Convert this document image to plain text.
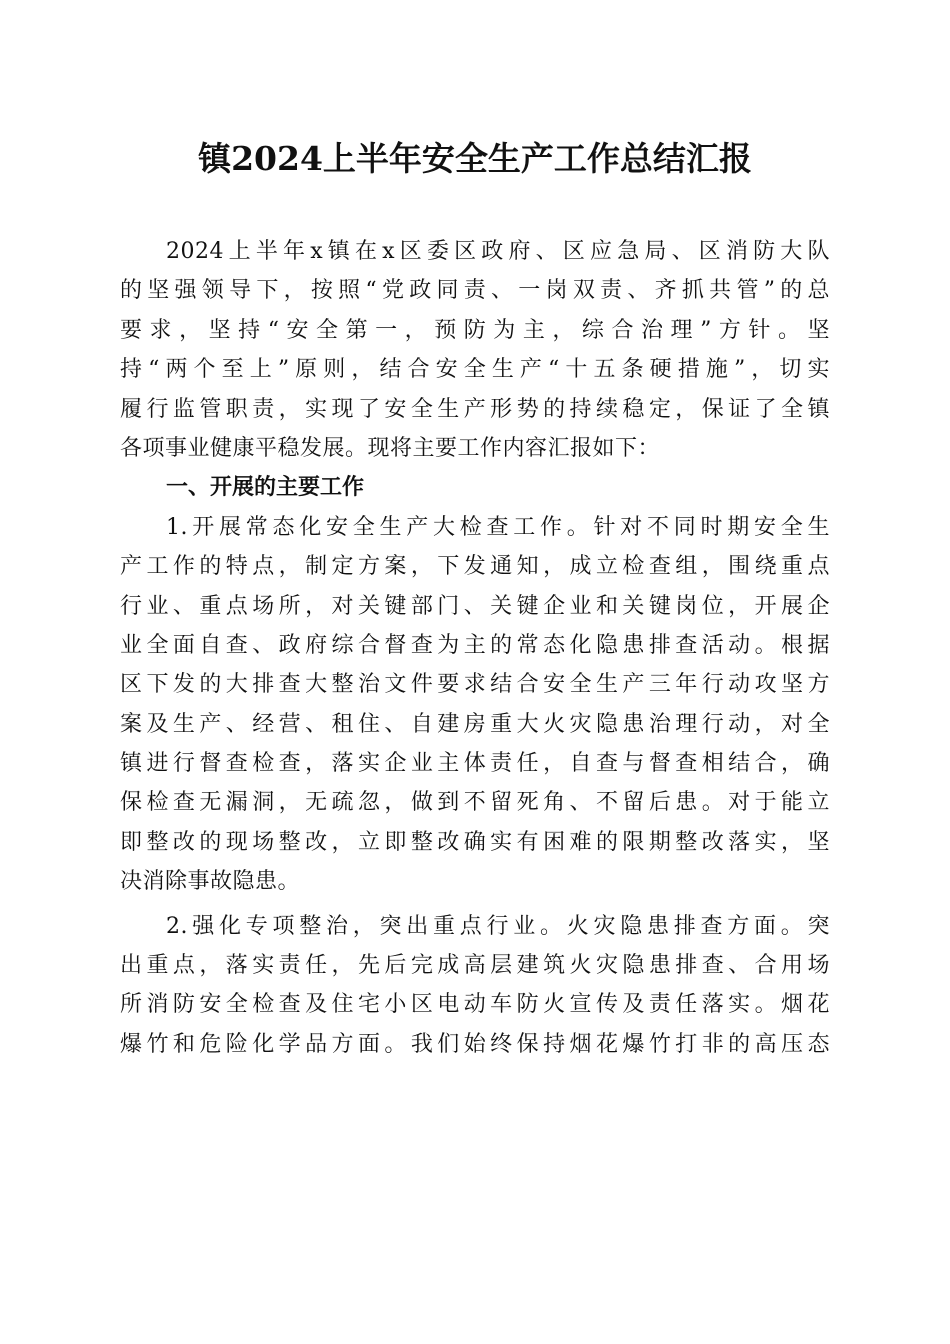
镇2024上半年安全生产工作总结汇报
2024上半年x镇在x区委区政府、区应急局、区消防大队
的坚强领导下，按照“党政同责、一岗双责、齐抓共管”的总
要求，坚持“安全第一，预防为主，综合治理”方针。坚
持“两个至上”原则，结合安全生产“十五条硬措施”，切实
履行监管职责，实现了安全生产形势的持续稳定，保证了全镇
各项事业健康平稳发展。现将主要工作内容汇报如下：
一、开展的主要工作
1.开展常态化安全生产大检查工作。针对不同时期安全生
产工作的特点，制定方案，下发通知，成立检查组，围绕重点
行业、重点场所，对关键部门、关键企业和关键岗位，开展企
业全面自查、政府综合督查为主的常态化隐患排查活动。根据
区下发的大排查大整治文件要求结合安全生产三年行动攻坚方
案及生产、经营、租住、自建房重大火灾隐患治理行动，对全
镇进行督查检查，落实企业主体责任，自查与督查相结合，确
保检查无漏洞，无疏忽，做到不留死角、不留后患。对于能立
即整改的现场整改，立即整改确实有困难的限期整改落实，坚
决消除事故隐患。
2.强化专项整治，突出重点行业。火灾隐患排查方面。突
出重点，落实责任，先后完成高层建筑火灾隐患排查、合用场
所消防安全检查及住宅小区电动车防火宣传及责任落实。烟花
爆竹和危险化学品方面。我们始终保持烟花爆竹打非的高压态
